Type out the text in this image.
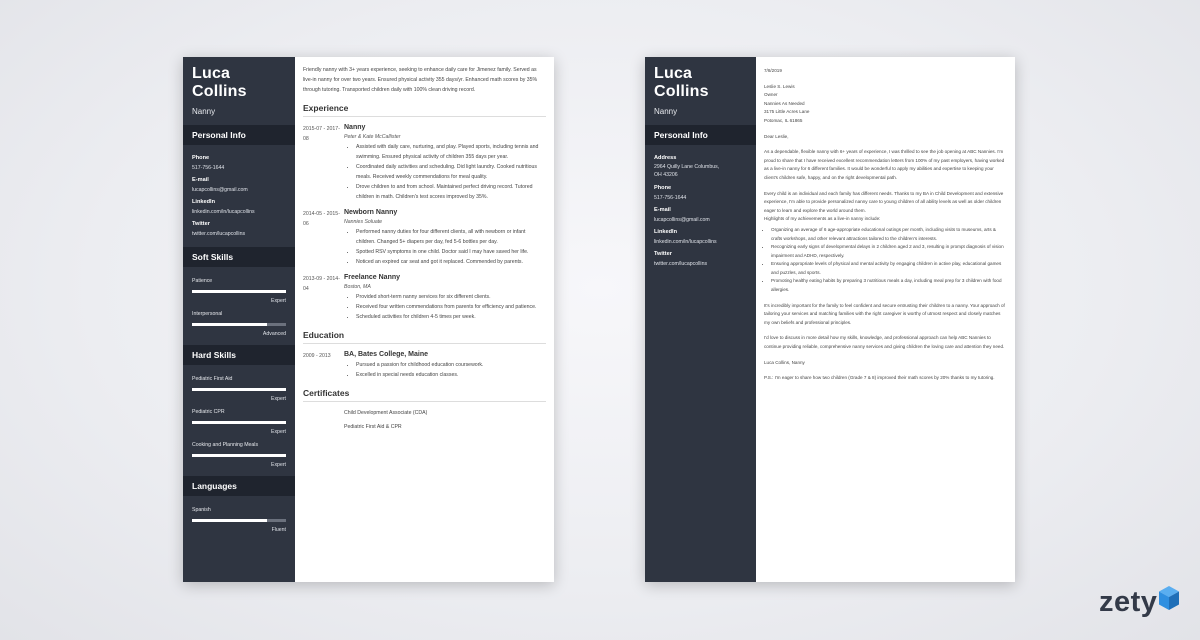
Luca Collins
Nanny
Personal Info
Phone
517-756-1644
E-mail
lucapcollins@gmail.com
LinkedIn
linkedin.com/in/lucapcollins
Twitter
twitter.com/lucapcollins
Soft Skills
Patience
Expert
Interpersonal
Advanced
Hard Skills
Pediatric First Aid
Expert
Pediatric CPR
Expert
Cooking and Planning Meals
Expert
Languages
Spanish
Fluent
Friendly nanny with 3+ years experience, seeking to enhance daily care for Jimenez family. Served as live-in nanny for over two years. Ensured physical activity 355 days/yr. Enhanced math scores by 35% through tutoring. Transported children daily with 100% clean driving record.
Experience
2015-07 - 2017-08
Nanny
Peter & Kate McCallister
• Assisted with daily care, nurturing, and play. Played sports, including tennis and swimming. Ensured physical activity of children 355 days per year.
• Coordinated daily activities and scheduling. Did light laundry. Cooked nutritious meals. Received weekly commendations for meal quality.
• Drove children to and from school. Maintained perfect driving record. Tutored children in math. Children's test scores improved by 35%.
2014-05 - 2015-06
Newborn Nanny
Nannies Soluate
• Performed nanny duties for four different clients, all with newborn or infant children. Changed 5+ diapers per day, fed 5-6 bottles per day.
• Spotted RSV symptoms in one child. Doctor said I may have saved her life.
• Noticed an expired car seat and got it replaced. Commended by parents.
2013-09 - 2014-04
Freelance Nanny
Boston, MA
• Provided short-term nanny services for six different clients.
• Received four written commendations from parents for efficiency and patience.
• Scheduled activities for children 4-5 times per week.
Education
2009 - 2013	BA, Bates College, Maine
• Pursued a passion for childhood education coursework.
• Excelled in special needs education classes.
Certificates
Child Development Associate (CDA)
Pediatric First Aid & CPR
Luca Collins
Nanny
Personal Info
Address
2964 Quilly Lane Columbus, OH 43206
Phone
517-756-1644
E-mail
lucapcollins@gmail.com
LinkedIn
linkedin.com/in/lucapcollins
Twitter
twitter.com/lucapcollins

7/8/2019

Leslie S. Lewis
Owner
Nannies As Needed
3175 Little Acres Lane
Potomac, IL 61865

Dear Leslie,

As a dependable, flexible nanny with 6+ years of experience, I was thrilled to see the job opening at ABC Nannies. I'm proud to share that I have received excellent recommendation letters from 100% of my past employers, having worked as a live-in nanny for 6 different families. It would be wonderful to apply my abilities and expertise to keeping your client's children safe, happy, and on the right developmental path.

Every child is an individual and each family has different needs. Thanks to my BA in Child Development and extensive experience, I'm able to provide personalized nanny care to young children of all ability levels as well as older children eager to learn and explore the world around them.

Highlights of my achievements as a live-in nanny include:

• Organizing an average of 6 age-appropriate educational outings per month, including visits to museums, arts & crafts workshops, and other relevant attractions tailored to the children's interests.
• Recognizing early signs of developmental delays in 2 children aged 2 and 3, resulting in prompt diagnosis of vision impairment and ADHD, respectively.
• Ensuring appropriate levels of physical and mental activity by engaging children in active play, educational games and puzzles, and sports.
• Promoting healthy eating habits by preparing 3 nutritious meals a day, including meal prep for 3 children with food allergies.

It's incredibly important for the family to feel confident and secure entrusting their children to a nanny. Your approach of tailoring your services and matching families with the right caregiver is worthy of utmost respect and closely matches my own beliefs and professional principles.

I'd love to discuss in more detail how my skills, knowledge, and professional approach can help ABC Nannies to continue providing reliable, comprehensive nanny services and giving children the loving care and attention they need.

Luca Collins, Nanny

P.S.: I'm eager to share how two children (Grade 7 & 8) improved their math scores by 20% thanks to my tutoring.

zety
